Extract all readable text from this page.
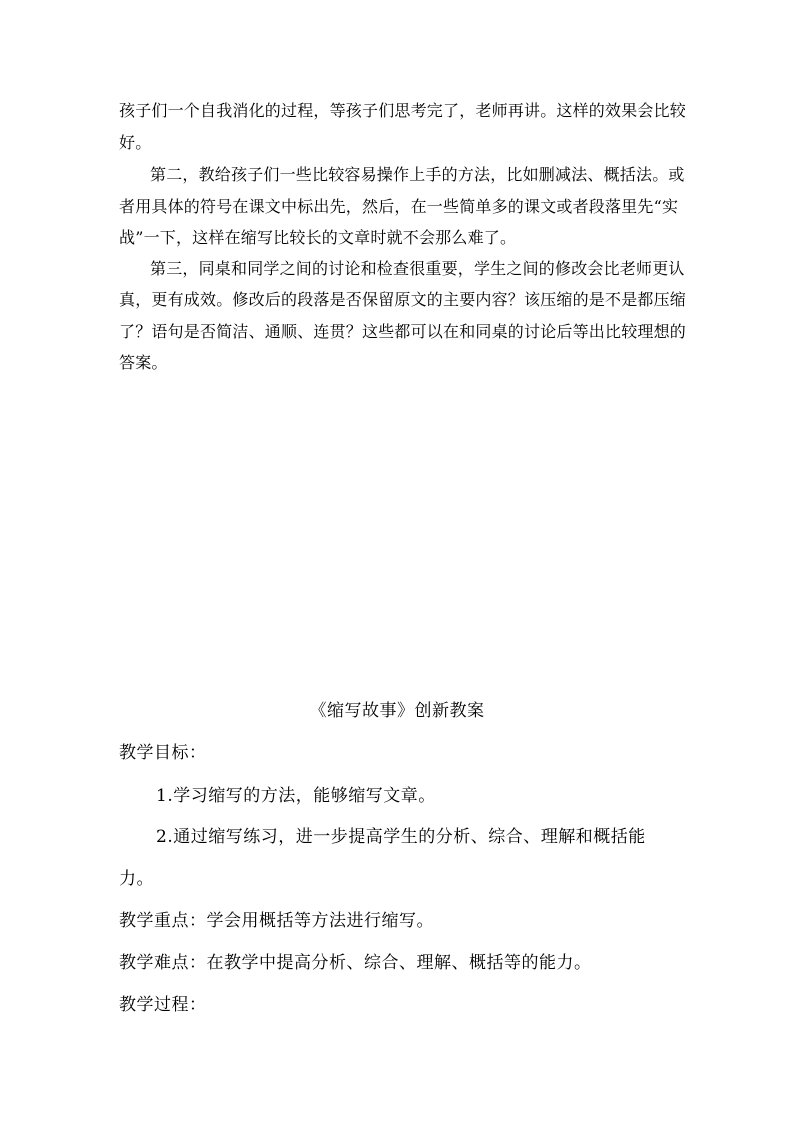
孩子们一个自我消化的过程，等孩子们思考完了，老师再讲。这样的效果会比较
好。
第二，教给孩子们一些比较容易操作上手的方法，比如删减法、概括法。或
者用具体的符号在课文中标出先，然后，在一些简单多的课文或者段落里先“实
战”一下，这样在缩写比较长的文章时就不会那么难了。
第三，同桌和同学之间的讨论和检查很重要，学生之间的修改会比老师更认
真，更有成效。修改后的段落是否保留原文的主要内容？该压缩的是不是都压缩
了？语句是否简洁、通顺、连贯？这些都可以在和同桌的讨论后等出比较理想的
答案。
《缩写故事》创新教案
教学目标：
1.学习缩写的方法，能够缩写文章。
2.通过缩写练习，进一步提高学生的分析、综合、理解和概括能
力。
教学重点：学会用概括等方法进行缩写。
教学难点：在教学中提高分析、综合、理解、概括等的能力。
教学过程：
